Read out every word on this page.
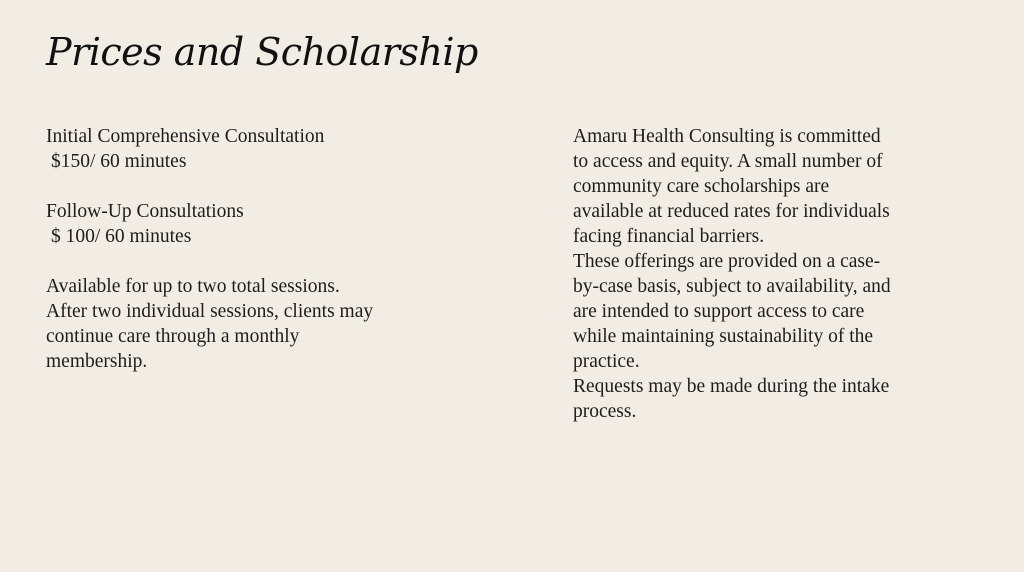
Prices and Scholarship
Initial Comprehensive Consultation
$150/ 60 minutes
Follow-Up Consultations
$ 100/ 60 minutes
Available for up to two total sessions.
After two individual sessions, clients may
continue care through a monthly
membership.
Amaru Health Consulting is committed
to access and equity. A small number of
community care scholarships are
available at reduced rates for individuals
facing financial barriers.
These offerings are provided on a case-
by-case basis, subject to availability, and
are intended to support access to care
while maintaining sustainability of the
practice.
Requests may be made during the intake
process.
